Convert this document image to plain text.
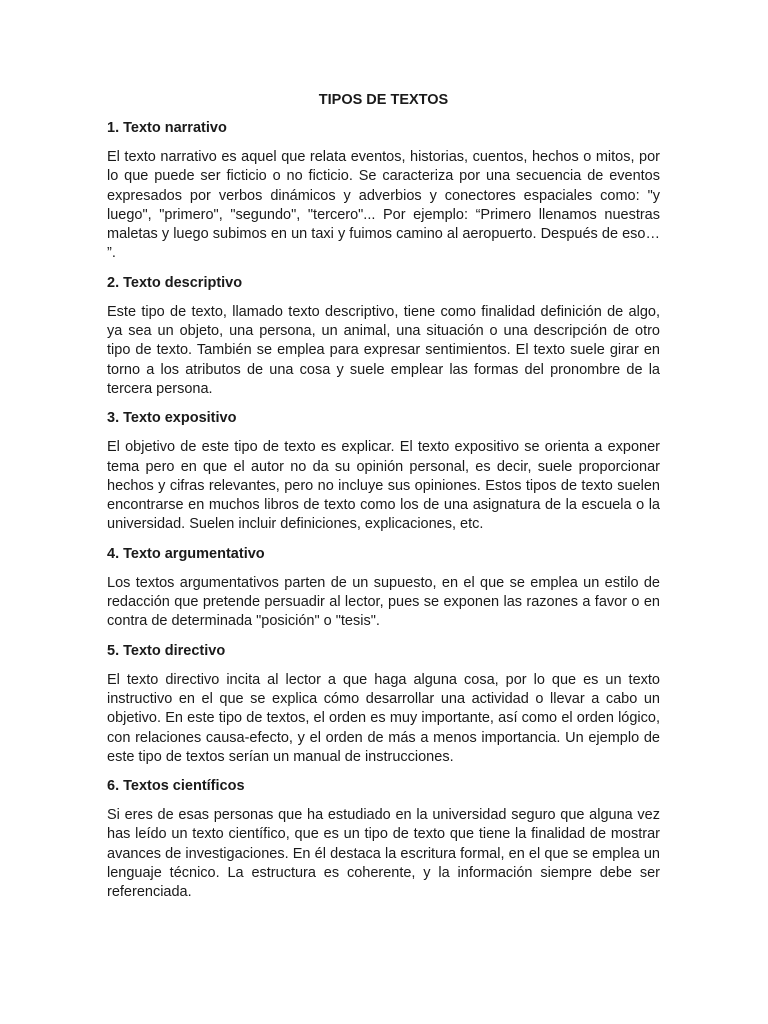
TIPOS DE TEXTOS
1. Texto narrativo
El texto narrativo es aquel que relata eventos, historias, cuentos, hechos o mitos, por lo que puede ser ficticio o no ficticio. Se caracteriza por una secuencia de eventos expresados por verbos dinámicos y adverbios y conectores espaciales como: "y luego", "primero", "segundo", "tercero"... Por ejemplo: “Primero llenamos nuestras maletas y luego subimos en un taxi y fuimos camino al aeropuerto. Después de eso… ”.
2. Texto descriptivo
Este tipo de texto, llamado texto descriptivo, tiene como finalidad definición de algo, ya sea un objeto, una persona, un animal, una situación o una descripción de otro tipo de texto. También se emplea para expresar sentimientos. El texto suele girar en torno a los atributos de una cosa y suele emplear las formas del pronombre de la tercera persona.
3. Texto expositivo
El objetivo de este tipo de texto es explicar. El texto expositivo se orienta a exponer tema pero en que el autor no da su opinión personal, es decir, suele proporcionar hechos y cifras relevantes, pero no incluye sus opiniones. Estos tipos de texto suelen encontrarse en muchos libros de texto como los de una asignatura de la escuela o la universidad. Suelen incluir definiciones, explicaciones, etc.
4. Texto argumentativo
Los textos argumentativos parten de un supuesto, en el que se emplea un estilo de redacción que pretende persuadir al lector, pues se exponen las razones a favor o en contra de determinada "posición" o "tesis".
5. Texto directivo
El texto directivo incita al lector a que haga alguna cosa, por lo que es un texto instructivo en el que se explica cómo desarrollar una actividad o llevar a cabo un objetivo. En este tipo de textos, el orden es muy importante, así como el orden lógico, con relaciones causa-efecto, y el orden de más a menos importancia. Un ejemplo de este tipo de textos serían un manual de instrucciones.
6. Textos científicos
Si eres de esas personas que ha estudiado en la universidad seguro que alguna vez has leído un texto científico, que es un tipo de texto que tiene la finalidad de mostrar avances de investigaciones. En él destaca la escritura formal, en el que se emplea un lenguaje técnico. La estructura es coherente, y la información siempre debe ser referenciada.
